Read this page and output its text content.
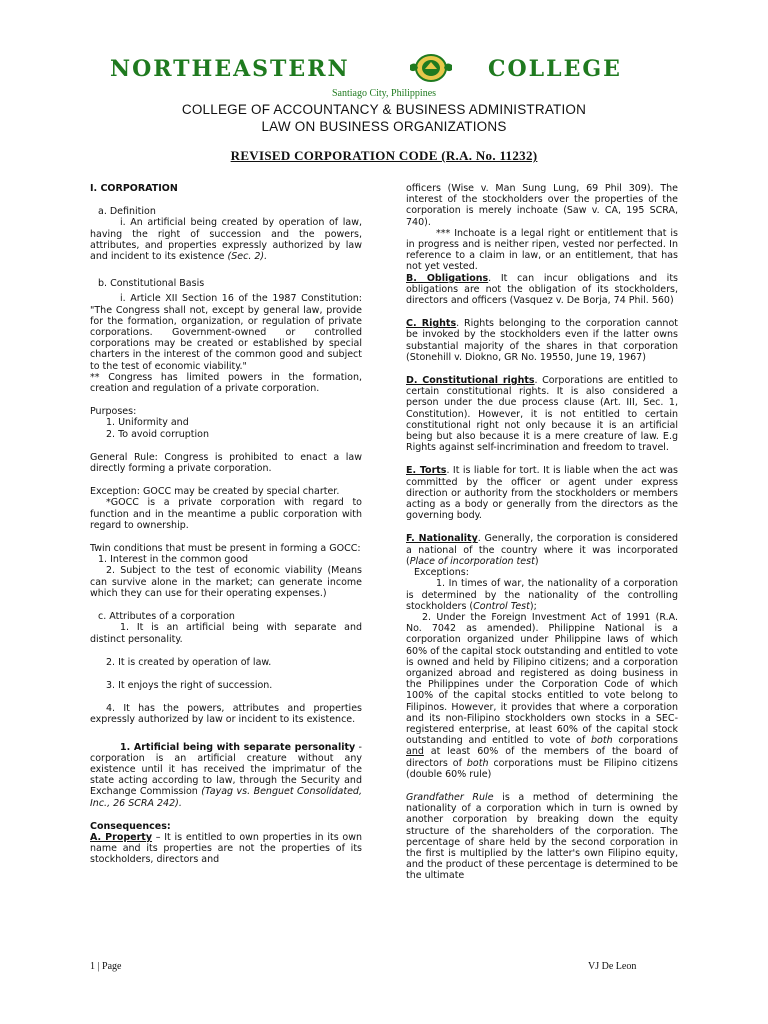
NORTHEASTERN	COLLEGE
Santiago City, Philippines
COLLEGE OF ACCOUNTANCY & BUSINESS ADMINISTRATION
LAW ON BUSINESS ORGANIZATIONS
REVISED CORPORATION CODE (R.A. No. 11232)

I. CORPORATION

a. Definition

i. An artificial being created by operation of law, having the right of succession and the powers, attributes, and properties expressly authorized by law and incident to its existence (Sec. 2).

b. Constitutional Basis

i. Article XII Section 16 of the 1987 Constitution: "The Congress shall not, except by general law, provide for the formation, organization, or regulation of private corporations. Government-owned or controlled corporations may be created or established by special charters in the interest of the common good and subject to the test of economic viability."

** Congress has limited powers in the formation, creation and regulation of a private corporation.

Purposes:

1. Uniformity and

2. To avoid corruption

General Rule: Congress is prohibited to enact a law directly forming a private corporation.

Exception: GOCC may be created by special charter.

*GOCC is a private corporation with regard to function and in the meantime a public corporation with regard to ownership.

Twin conditions that must be present in forming a GOCC:

1. Interest in the common good

2. Subject to the test of economic viability (Means can survive alone in the market; can generate income which they can use for their operating expenses.)

c. Attributes of a corporation

1. It is an artificial being with separate and distinct personality.

2. It is created by operation of law.

3. It enjoys the right of succession.

4. It has the powers, attributes and properties expressly authorized by law or incident to its existence.

1. Artificial being with separate personality - corporation is an artificial creature without any existence until it has received the imprimatur of the state acting according to law, through the Security and Exchange Commission (Tayag vs. Benguet Consolidated, Inc., 26 SCRA 242).

Consequences:

A. Property – It is entitled to own properties in its own name and its properties are not the properties of its stockholders, directors and

officers (Wise v. Man Sung Lung, 69 Phil 309). The interest of the stockholders over the properties of the corporation is merely inchoate (Saw v. CA, 195 SCRA, 740).

*** Inchoate is a legal right or entitlement that is in progress and is neither ripen, vested nor perfected. In reference to a claim in law, or an entitlement, that has not yet vested.

B. Obligations. It can incur obligations and its obligations are not the obligation of its stockholders, directors and officers (Vasquez v. De Borja, 74 Phil. 560)

C. Rights. Rights belonging to the corporation cannot be invoked by the stockholders even if the latter owns substantial majority of the shares in that corporation (Stonehill v. Diokno, GR No. 19550, June 19, 1967)

D. Constitutional rights. Corporations are entitled to certain constitutional rights. It is also considered a person under the due process clause (Art. III, Sec. 1, Constitution). However, it is not entitled to certain constitutional right not only because it is an artificial being but also because it is a mere creature of law. E.g Rights against self-incrimination and freedom to travel.

E. Torts. It is liable for tort. It is liable when the act was committed by the officer or agent under express direction or authority from the stockholders or members acting as a body or generally from the directors as the governing body.

F. Nationality. Generally, the corporation is considered a national of the country where it was incorporated (Place of incorporation test)

Exceptions:

1. In times of war, the nationality of a corporation is determined by the nationality of the controlling stockholders (Control Test);

2. Under the Foreign Investment Act of 1991 (R.A. No. 7042 as amended). Philippine National is a corporation organized under Philippine laws of which 60% of the capital stock outstanding and entitled to vote is owned and held by Filipino citizens; and a corporation organized abroad and registered as doing business in the Philippines under the Corporation Code of which 100% of the capital stocks entitled to vote belong to Filipinos. However, it provides that where a corporation and its non-Filipino stockholders own stocks in a SEC-registered enterprise, at least 60% of the capital stock outstanding and entitled to vote of both corporations and at least 60% of the members of the board of directors of both corporations must be Filipino citizens (double 60% rule)

Grandfather Rule is a method of determining the nationality of a corporation which in turn is owned by another corporation by breaking down the equity structure of the shareholders of the corporation. The percentage of share held by the second corporation in the first is multiplied by the latter's own Filipino equity, and the product of these percentage is determined to be the ultimate

1 | Page	VJ De Leon
